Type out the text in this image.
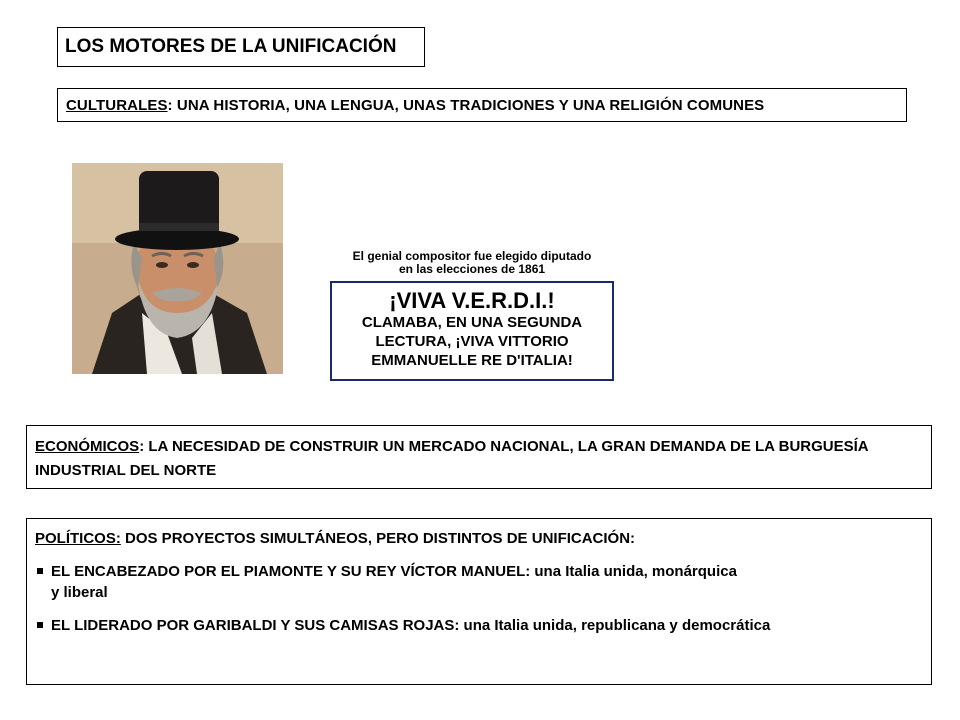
LOS MOTORES DE LA UNIFICACIÓN
CULTURALES: UNA HISTORIA, UNA LENGUA, UNAS TRADICIONES Y UNA RELIGIÓN COMUNES
El genial compositor fue elegido diputado
en las elecciones de 1861
¡VIVA V.E.R.D.I.!
CLAMABA, EN UNA SEGUNDA
LECTURA, ¡VIVA VITTORIO
EMMANUELLE RE D'ITALIA!
ECONÓMICOS: LA NECESIDAD DE CONSTRUIR UN MERCADO NACIONAL, LA GRAN DEMANDA DE LA BURGUESÍA INDUSTRIAL DEL NORTE

POLÍTICOS: DOS PROYECTOS SIMULTÁNEOS, PERO DISTINTOS DE UNIFICACIÓN:

EL ENCABEZADO POR EL PIAMONTE Y SU REY VÍCTOR MANUEL: una Italia unida, monárquica

y liberal

EL LIDERADO POR GARIBALDI Y SUS CAMISAS ROJAS: una Italia unida, republicana y democrática
